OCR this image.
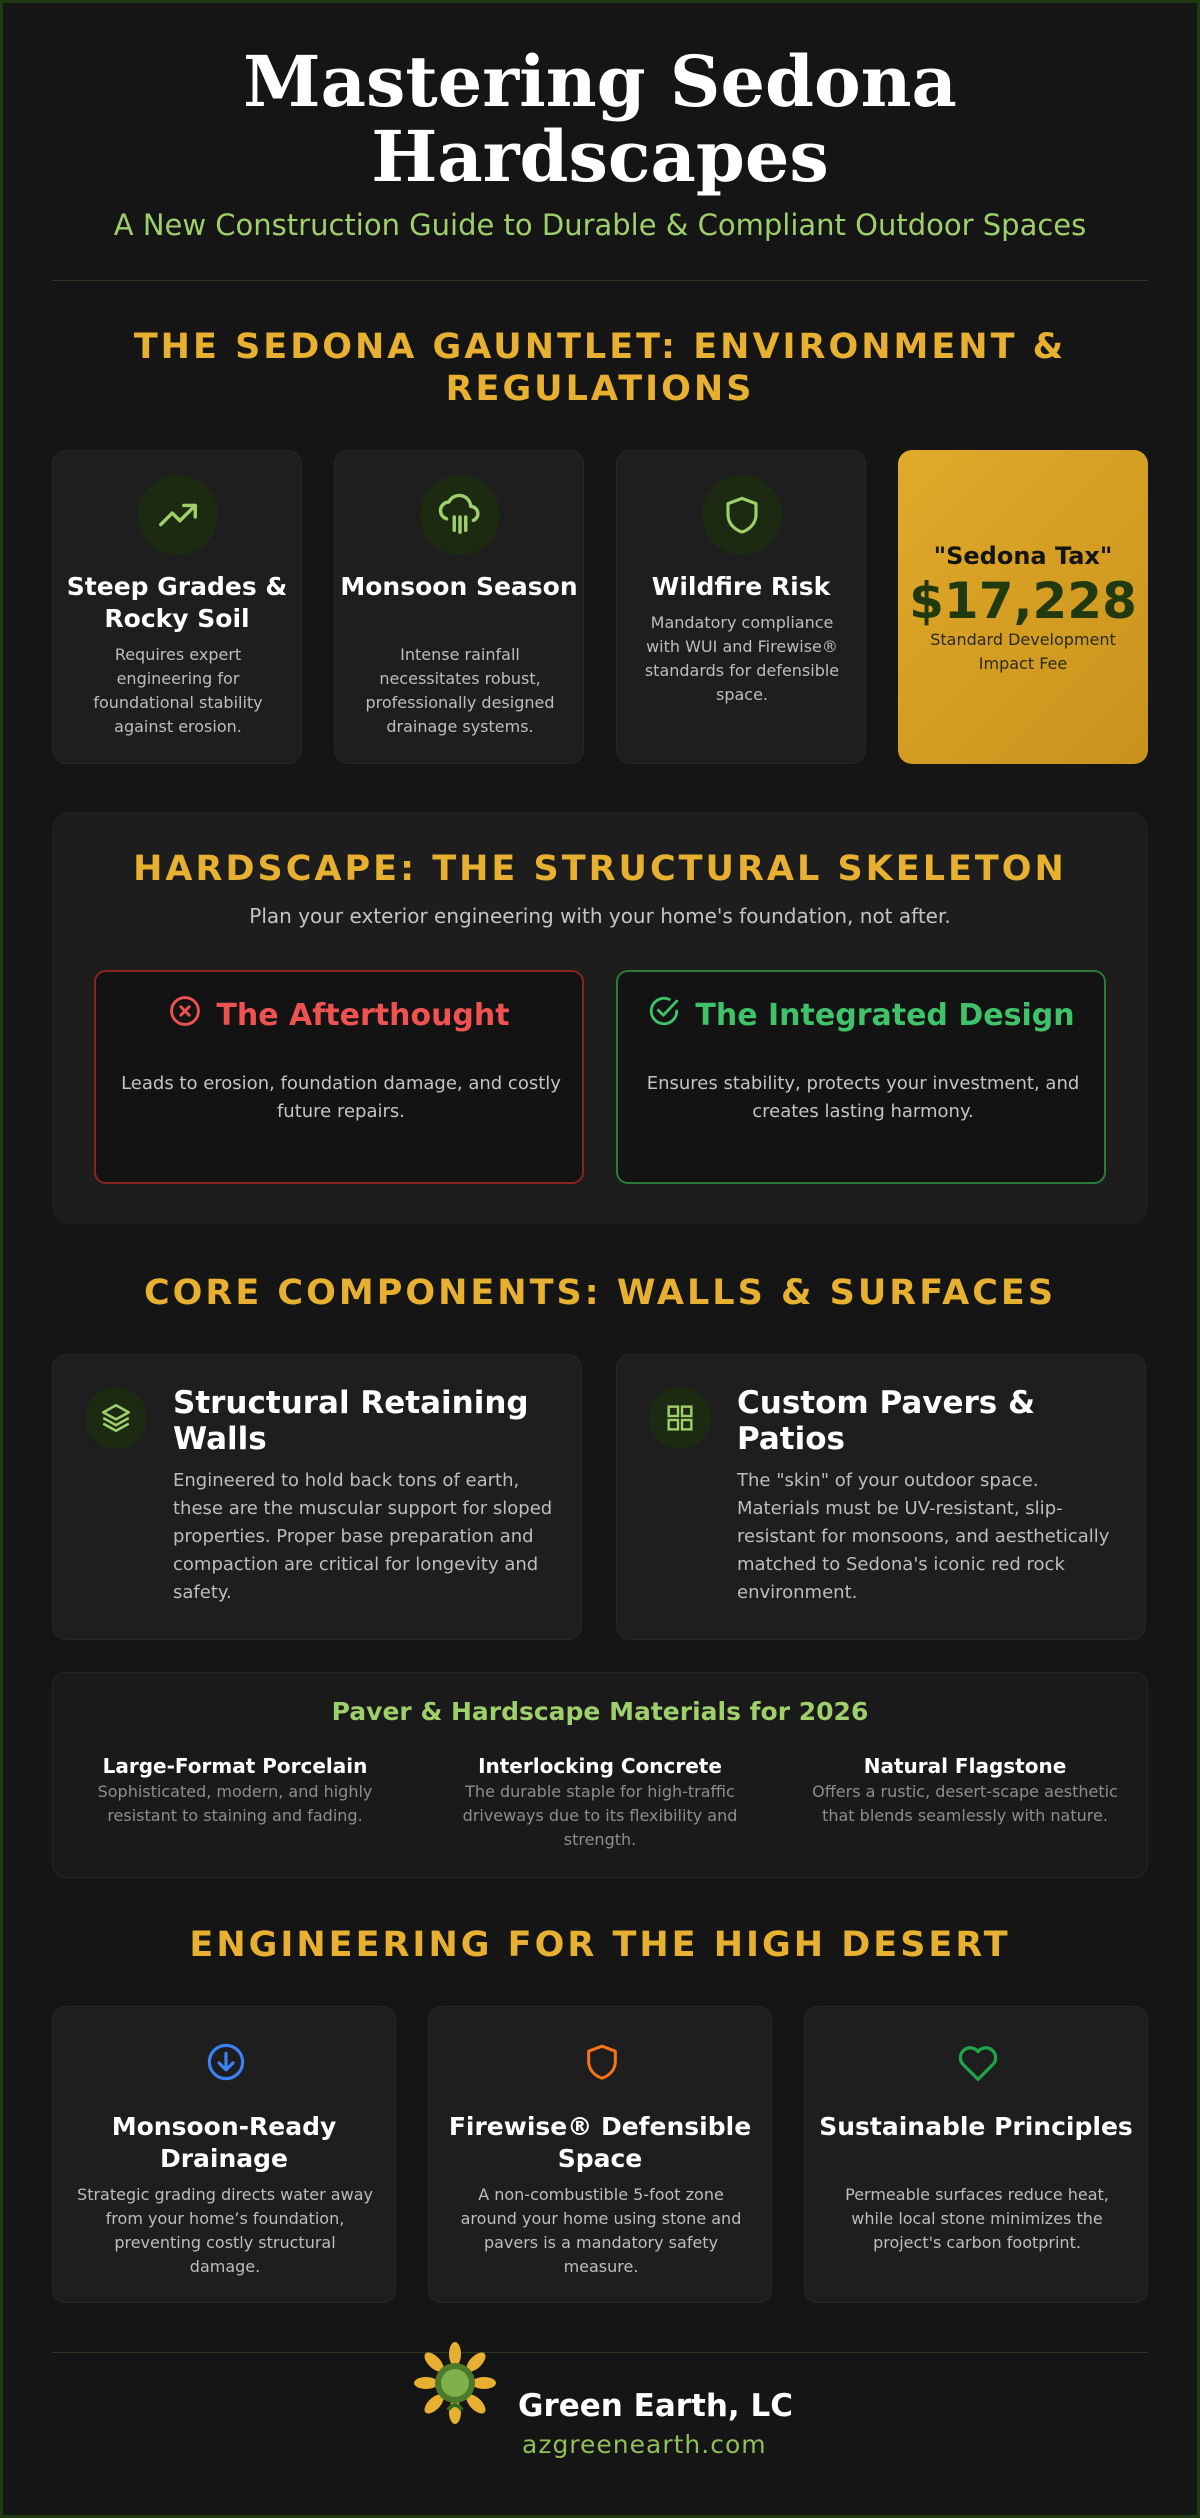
Mastering Sedona Hardscapes
A New Construction Guide to Durable & Compliant Outdoor Spaces
THE SEDONA GAUNTLET: ENVIRONMENT & REGULATIONS
Steep Grades & Rocky Soil
Requires expert engineering for foundational stability against erosion.
Monsoon Season
Intense rainfall necessitates robust, professionally designed drainage systems.
Wildfire Risk
Mandatory compliance with WUI and Firewise® standards for defensible space.
"Sedona Tax"
$17,228
Standard Development Impact Fee
HARDSCAPE: THE STRUCTURAL SKELETON
Plan your exterior engineering with your home's foundation, not after.
The Afterthought
Leads to erosion, foundation damage, and costly future repairs.
The Integrated Design
Ensures stability, protects your investment, and creates lasting harmony.
CORE COMPONENTS: WALLS & SURFACES
Structural Retaining Walls
Engineered to hold back tons of earth, these are the muscular support for sloped properties. Proper base preparation and compaction are critical for longevity and safety.
Custom Pavers & Patios
The "skin" of your outdoor space. Materials must be UV-resistant, slip-resistant for monsoons, and aesthetically matched to Sedona's iconic red rock environment.
Paver & Hardscape Materials for 2026
Large-Format Porcelain
Sophisticated, modern, and highly resistant to staining and fading.
Interlocking Concrete
The durable staple for high-traffic driveways due to its flexibility and strength.
Natural Flagstone
Offers a rustic, desert-scape aesthetic that blends seamlessly with nature.
ENGINEERING FOR THE HIGH DESERT
Monsoon-Ready Drainage
Strategic grading directs water away from your home’s foundation, preventing costly structural damage.
Firewise® Defensible Space
A non-combustible 5-foot zone around your home using stone and pavers is a mandatory safety measure.
Sustainable Principles
Permeable surfaces reduce heat, while local stone minimizes the project's carbon footprint.
Green Earth, LC
azgreenearth.com
